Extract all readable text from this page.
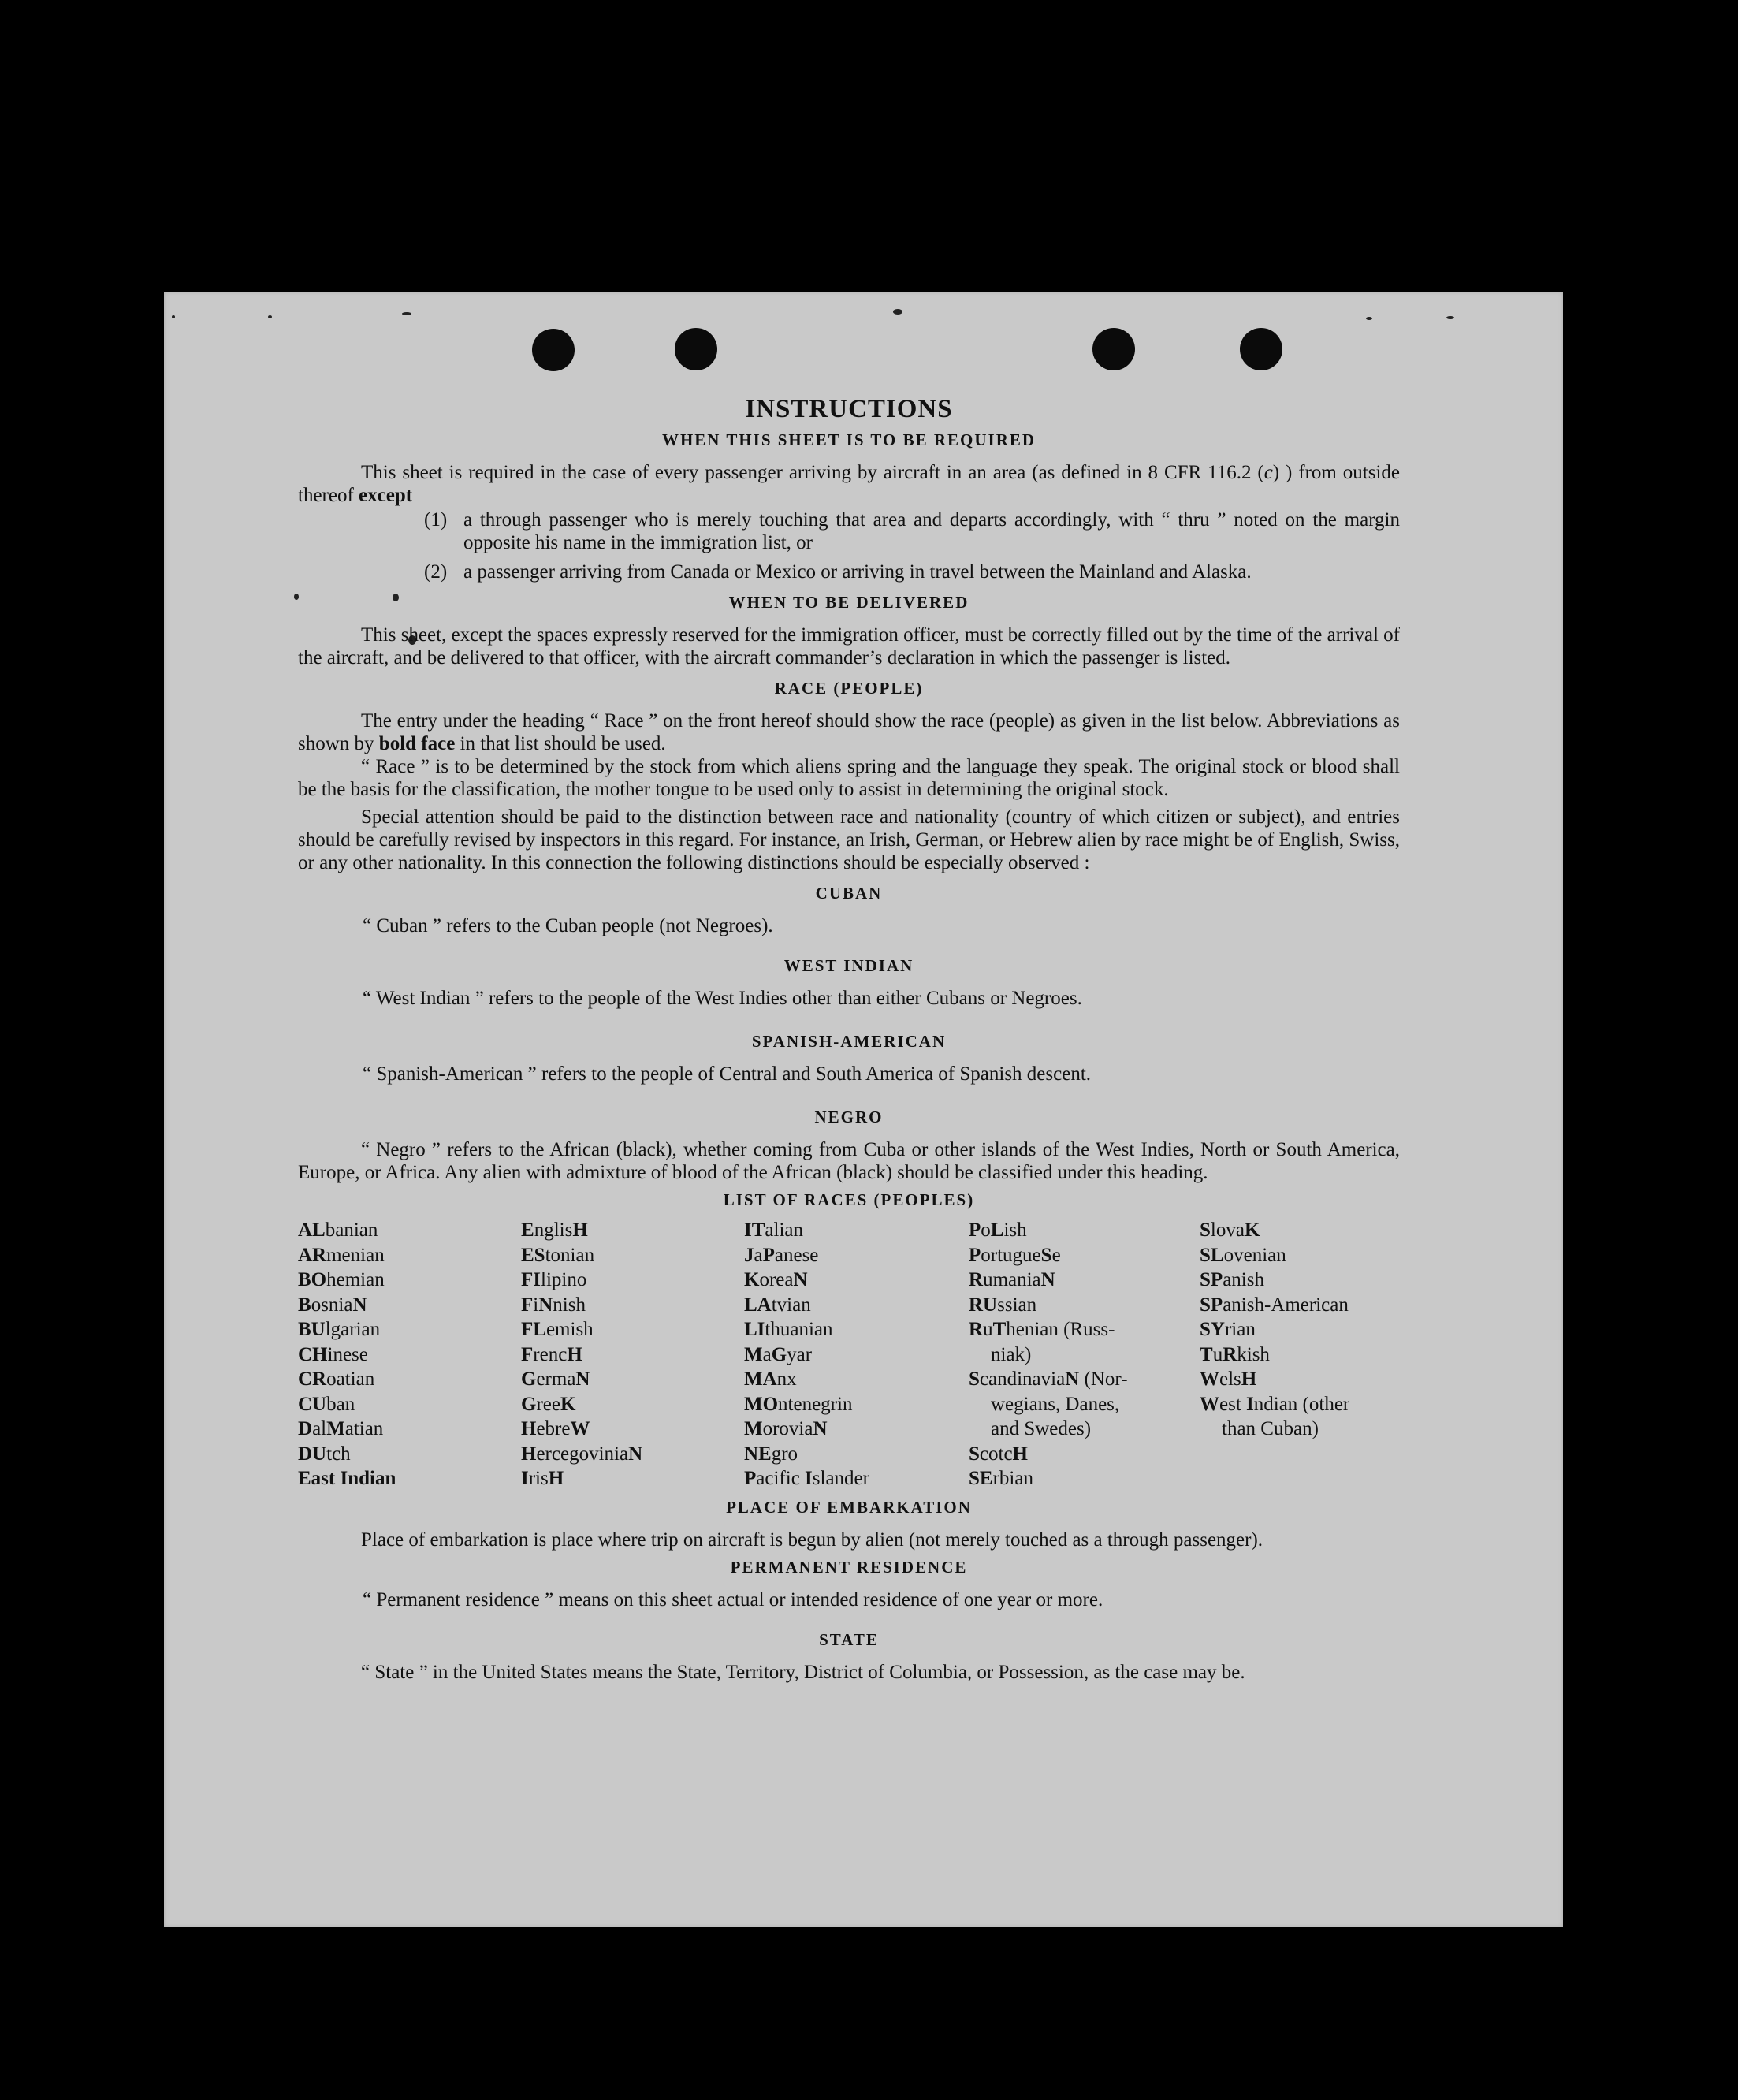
INSTRUCTIONS
WHEN THIS SHEET IS TO BE REQUIRED

This sheet is required in the case of every passenger arriving by aircraft in an area (as defined in 8 CFR 116.2 (c) ) from outside thereof except

(1) a through passenger who is merely touching that area and departs accordingly, with “ thru ” noted on the margin opposite his name in the immigration list, or
(2) a passenger arriving from Canada or Mexico or arriving in travel between the Mainland and Alaska.
WHEN TO BE DELIVERED

This sheet, except the spaces expressly reserved for the immigration officer, must be correctly filled out by the time of the arrival of the aircraft, and be delivered to that officer, with the aircraft commander’s declaration in which the passenger is listed.

RACE (PEOPLE)

The entry under the heading “ Race ” on the front hereof should show the race (people) as given in the list below. Abbreviations as shown by bold face in that list should be used.

“ Race ” is to be determined by the stock from which aliens spring and the language they speak. The original stock or blood shall be the basis for the classification, the mother tongue to be used only to assist in determining the original stock.

Special attention should be paid to the distinction between race and nationality (country of which citizen or subject), and entries should be carefully revised by inspectors in this regard. For instance, an Irish, German, or Hebrew alien by race might be of English, Swiss, or any other nationality. In this connection the following distinctions should be especially observed :

CUBAN

“ Cuban ” refers to the Cuban people (not Negroes).

WEST INDIAN

“ West Indian ” refers to the people of the West Indies other than either Cubans or Negroes.

SPANISH-AMERICAN

“ Spanish-American ” refers to the people of Central and South America of Spanish descent.

NEGRO

“ Negro ” refers to the African (black), whether coming from Cuba or other islands of the West Indies, North or South America, Europe, or Africa. Any alien with admixture of blood of the African (black) should be classified under this heading.

LIST OF RACES (PEOPLES)
ALbanian
ARmenian
BOhemian
BosniaN
BUlgarian
CHinese
CRoatian
CUban
DalMatian
DUtch
East Indian
EnglisH
EStonian
FIlipino
FiNnish
FLemish
FrencH
GermaN
GreeK
HebreW
HercegoviniaN
IrisH
ITalian
JaPanese
KoreaN
LAtvian
LIthuanian
MaGyar
MAnx
MOntenegrin
MoroviaN
NEgro
Pacific Islander
PoLish
PortugueSe
RumaniaN
RUssian
RuThenian (Russ-
niak)
ScandinaviaN (Nor-
wegians, Danes,
and Swedes)
ScotcH
SErbian
SlovaK
SLovenian
SPanish
SPanish-American
SYrian
TuRkish
WelsH
West Indian (other
than Cuban)
PLACE OF EMBARKATION

Place of embarkation is place where trip on aircraft is begun by alien (not merely touched as a through passenger).

PERMANENT RESIDENCE

“ Permanent residence ” means on this sheet actual or intended residence of one year or more.

STATE

“ State ” in the United States means the State, Territory, District of Columbia, or Possession, as the case may be.
